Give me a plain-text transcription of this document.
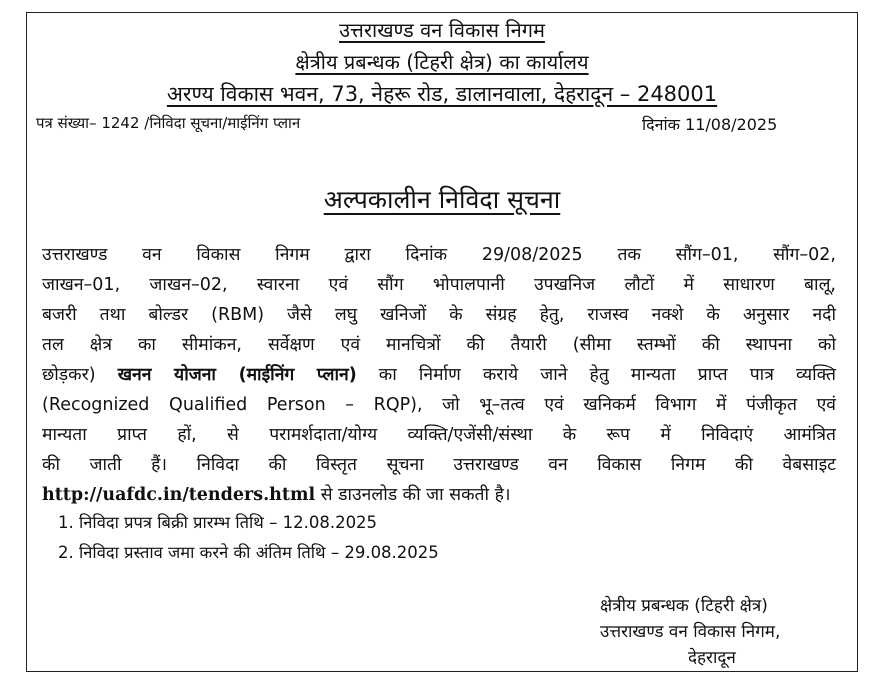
उत्तराखण्ड वन विकास निगम
क्षेत्रीय प्रबन्धक (टिहरी क्षेत्र) का कार्यालय
अरण्य विकास भवन, 73, नेहरू रोड, डालानवाला, देहरादून – 248001
पत्र संख्या– 1242 /निविदा सूचना/माईनिंग प्लान	दिनांक 11/08/2025
अल्पकालीन निविदा सूचना
उत्तराखण्ड वन विकास निगम द्वारा दिनांक 29/08/2025 तक सौंग–01, सौंग–02,
जाखन–01, जाखन–02, स्वारना एवं सौंग भोपालपानी उपखनिज लौटों में साधारण बालू,
बजरी तथा बोल्डर (RBM) जैसे लघु खनिजों के संग्रह हेतु, राजस्व नक्शे के अनुसार नदी
तल क्षेत्र का सीमांकन, सर्वेक्षण एवं मानचित्रों की तैयारी (सीमा स्तम्भों की स्थापना को
छोड़कर) खनन योजना (माईनिंग प्लान) का निर्माण कराये जाने हेतु मान्यता प्राप्त पात्र व्यक्ति
(Recognized Qualified Person – RQP), जो भू–तत्व एवं खनिकर्म विभाग में पंजीकृत एवं
मान्यता प्राप्त हों, से परामर्शदाता/योग्य व्यक्ति/एजेंसी/संस्था के रूप में निविदाएं आमंत्रित
की जाती हैं। निविदा की विस्तृत सूचना उत्तराखण्ड वन विकास निगम की वेबसाइट
http://uafdc.in/tenders.html से डाउनलोड की जा सकती है।
1. निविदा प्रपत्र बिक्री प्रारम्भ तिथि – 12.08.2025
2. निविदा प्रस्ताव जमा करने की अंतिम तिथि – 29.08.2025
क्षेत्रीय प्रबन्धक (टिहरी क्षेत्र)
उत्तराखण्ड वन विकास निगम,
देहरादून
